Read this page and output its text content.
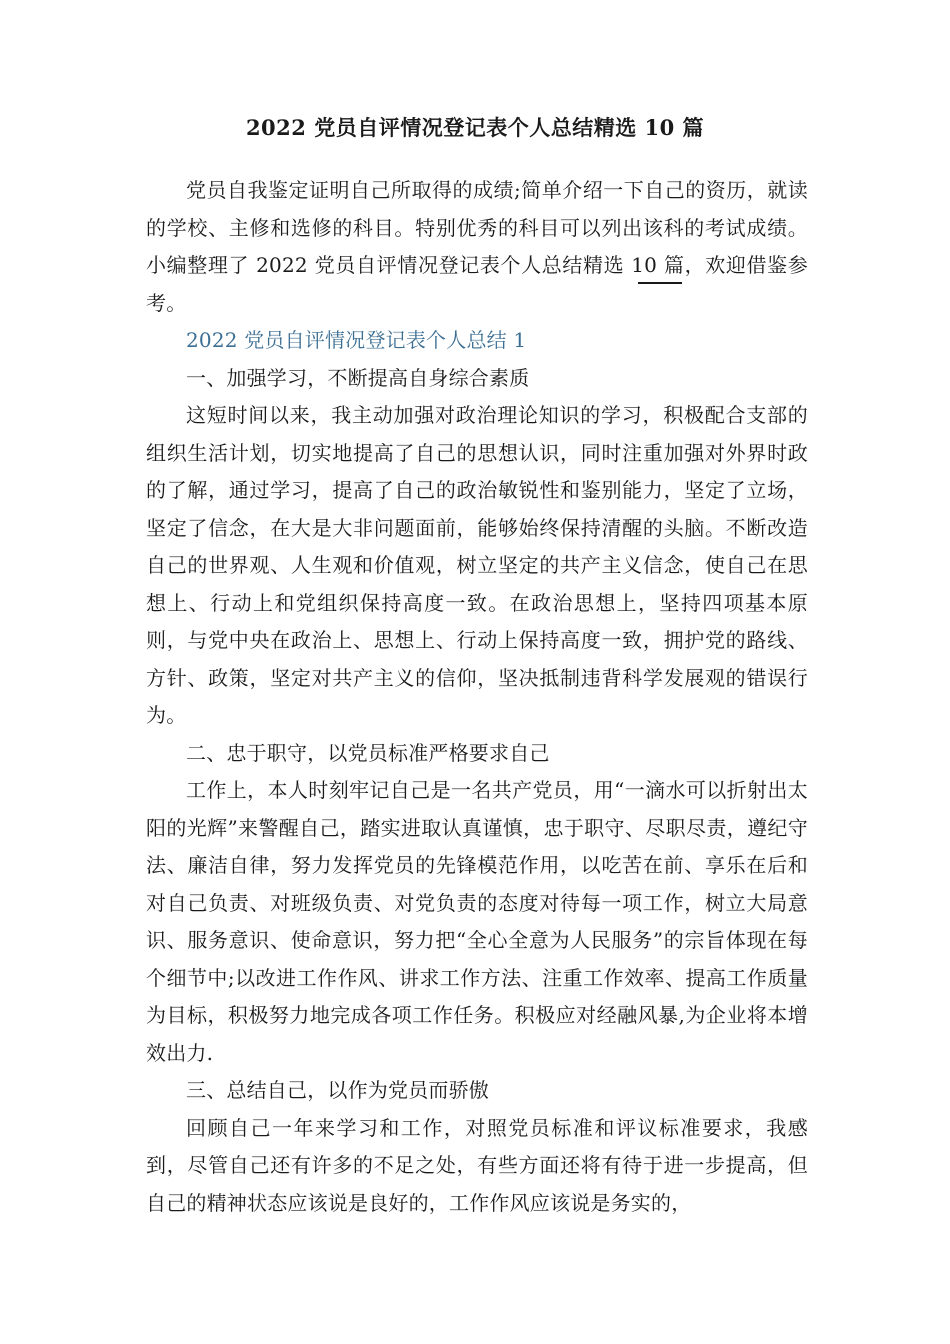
2022 党员自评情况登记表个人总结精选 10 篇

党员自我鉴定证明自己所取得的成绩;简单介绍一下自己的资历，就读的学校、主修和选修的科目。特别优秀的科目可以列出该科的考试成绩。小编整理了 2022 党员自评情况登记表个人总结精选 10 篇，欢迎借鉴参考。

2022 党员自评情况登记表个人总结 1

一、加强学习，不断提高自身综合素质

这短时间以来，我主动加强对政治理论知识的学习，积极配合支部的组织生活计划，切实地提高了自己的思想认识，同时注重加强对外界时政的了解，通过学习，提高了自己的政治敏锐性和鉴别能力，坚定了立场，坚定了信念，在大是大非问题面前，能够始终保持清醒的头脑。不断改造自己的世界观、人生观和价值观，树立坚定的共产主义信念，使自己在思想上、行动上和党组织保持高度一致。在政治思想上，坚持四项基本原则，与党中央在政治上、思想上、行动上保持高度一致，拥护党的路线、方针、政策，坚定对共产主义的信仰，坚决抵制违背科学发展观的错误行为。

二、忠于职守，以党员标准严格要求自己

工作上，本人时刻牢记自己是一名共产党员，用“一滴水可以折射出太阳的光辉”来警醒自己，踏实进取认真谨慎，忠于职守、尽职尽责，遵纪守法、廉洁自律，努力发挥党员的先锋模范作用，以吃苦在前、享乐在后和对自己负责、对班级负责、对党负责的态度对待每一项工作，树立大局意识、服务意识、使命意识，努力把“全心全意为人民服务”的宗旨体现在每个细节中;以改进工作作风、讲求工作方法、注重工作效率、提高工作质量为目标，积极努力地完成各项工作任务。积极应对经融风暴,为企业将本增效出力.

三、总结自己，以作为党员而骄傲

回顾自己一年来学习和工作，对照党员标准和评议标准要求，我感到，尽管自己还有许多的不足之处，有些方面还将有待于进一步提高，但自己的精神状态应该说是良好的，工作作风应该说是务实的，
